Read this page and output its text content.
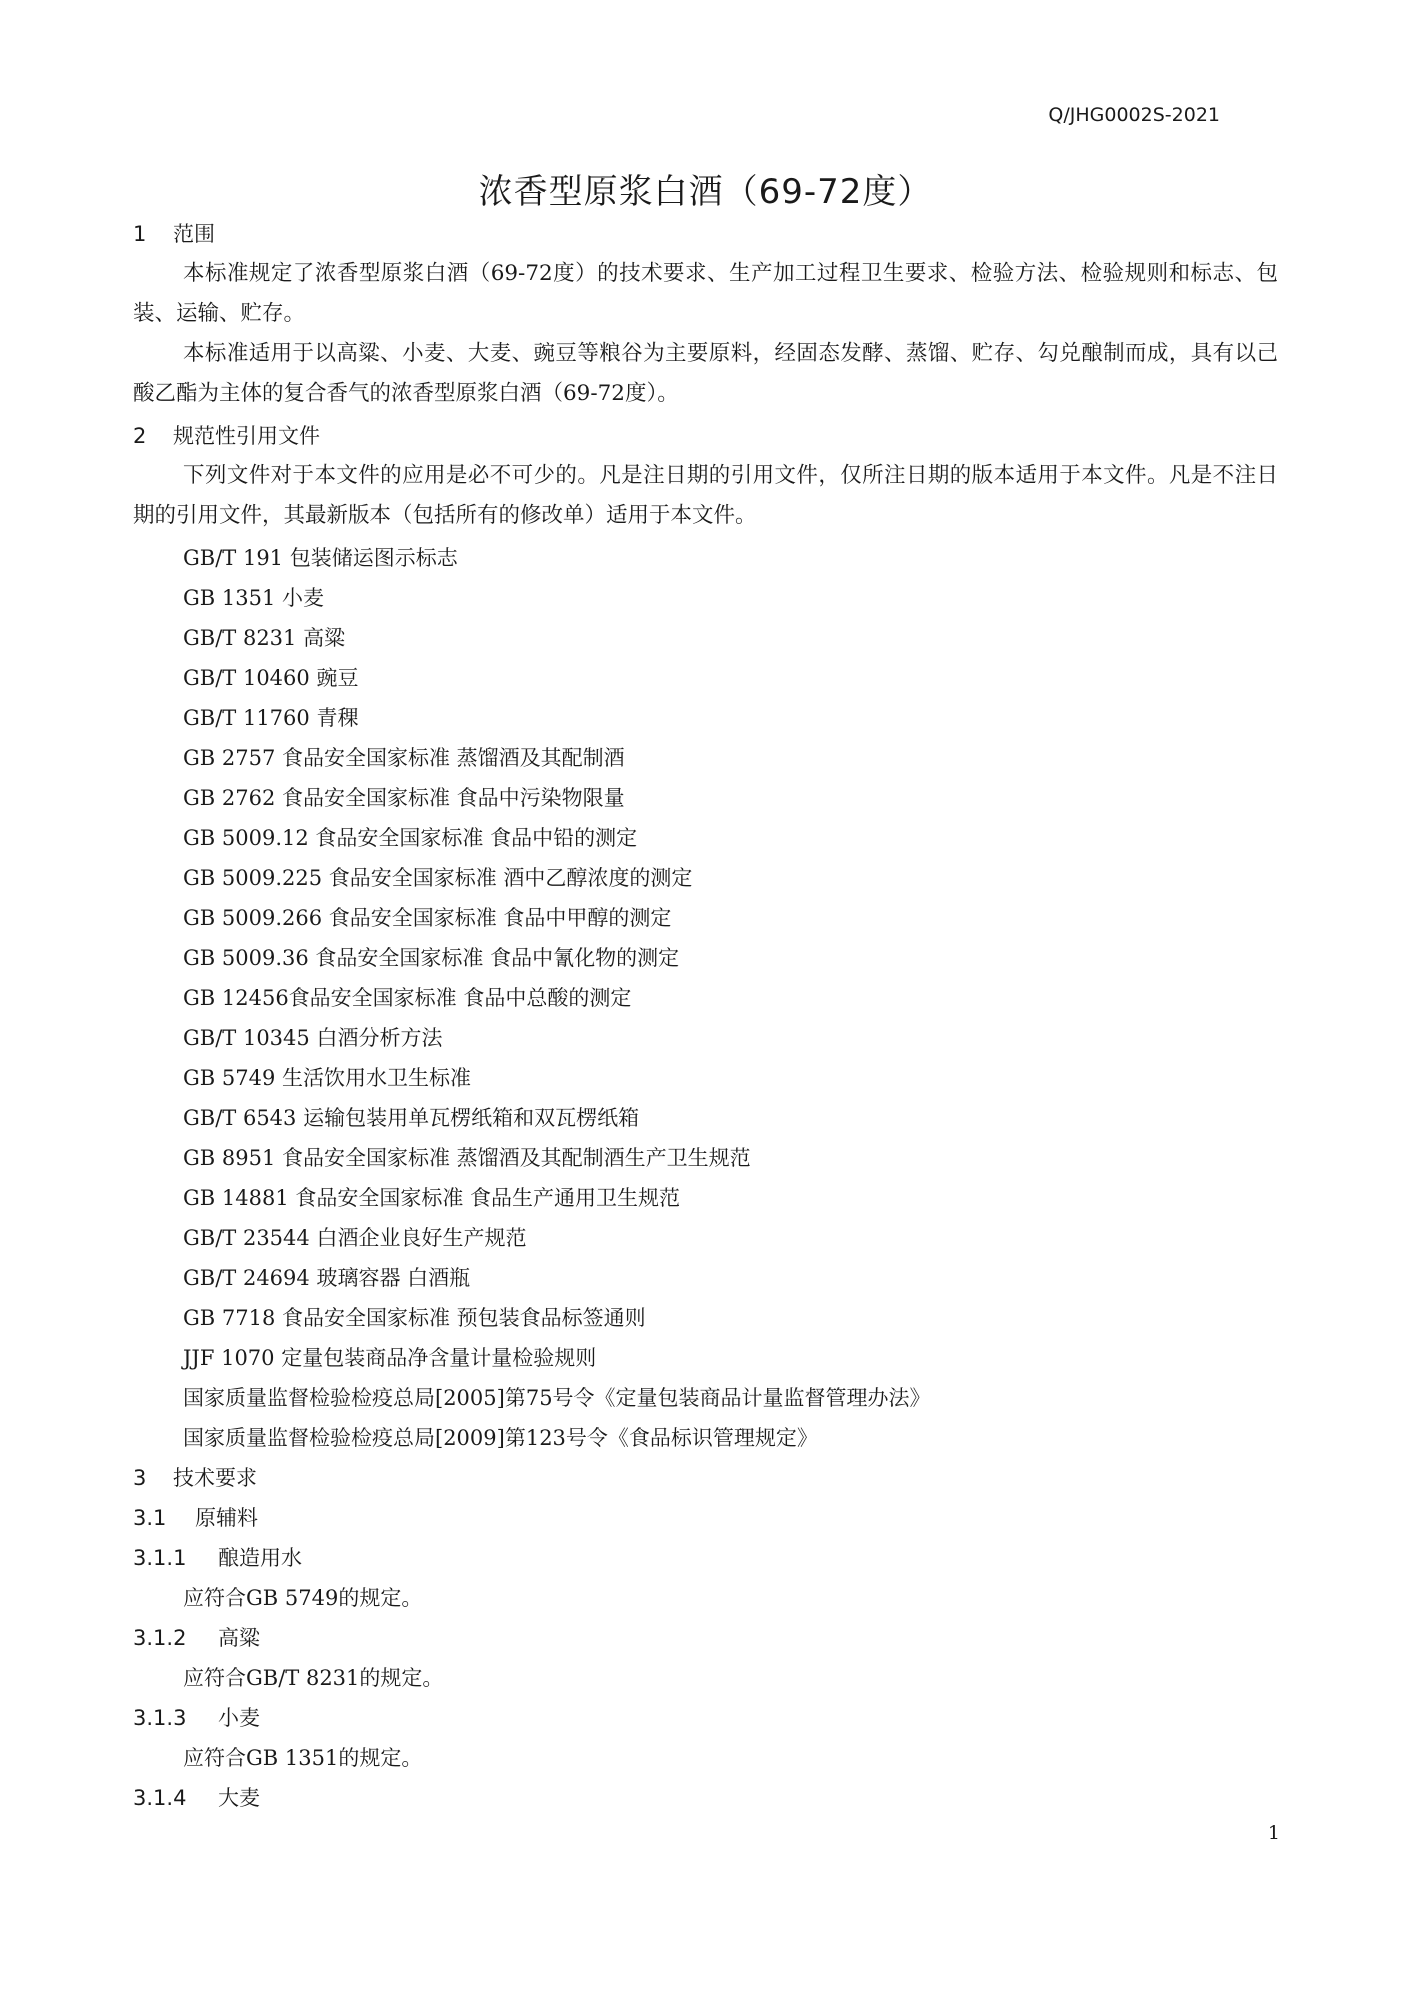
Q/JHG0002S-2021
浓香型原浆白酒（69-72度）
1 范围

本标准规定了浓香型原浆白酒（69-72度）的技术要求、生产加工过程卫生要求、检验方法、检验规则和标志、包装、运输、贮存。

本标准适用于以高粱、小麦、大麦、豌豆等粮谷为主要原料，经固态发酵、蒸馏、贮存、勾兑酿制而成，具有以己酸乙酯为主体的复合香气的浓香型原浆白酒（69-72度）。

2 规范性引用文件

下列文件对于本文件的应用是必不可少的。凡是注日期的引用文件，仅所注日期的版本适用于本文件。凡是不注日期的引用文件，其最新版本（包括所有的修改单）适用于本文件。

GB/T 191 包装储运图示标志
GB 1351 小麦
GB/T 8231 高粱
GB/T 10460 豌豆
GB/T 11760 青稞
GB 2757 食品安全国家标准 蒸馏酒及其配制酒
GB 2762 食品安全国家标准 食品中污染物限量
GB 5009.12 食品安全国家标准 食品中铅的测定
GB 5009.225 食品安全国家标准 酒中乙醇浓度的测定
GB 5009.266 食品安全国家标准 食品中甲醇的测定
GB 5009.36 食品安全国家标准 食品中氰化物的测定
GB 12456食品安全国家标准 食品中总酸的测定
GB/T 10345 白酒分析方法
GB 5749 生活饮用水卫生标准
GB/T 6543 运输包装用单瓦楞纸箱和双瓦楞纸箱
GB 8951 食品安全国家标准 蒸馏酒及其配制酒生产卫生规范
GB 14881 食品安全国家标准 食品生产通用卫生规范
GB/T 23544 白酒企业良好生产规范
GB/T 24694 玻璃容器 白酒瓶
GB 7718 食品安全国家标准 预包装食品标签通则
JJF 1070 定量包装商品净含量计量检验规则
国家质量监督检验检疫总局[2005]第75号令《定量包装商品计量监督管理办法》
国家质量监督检验检疫总局[2009]第123号令《食品标识管理规定》
3 技术要求
3.1 原辅料
3.1.1 酿造用水
应符合GB 5749的规定。
3.1.2 高粱
应符合GB/T 8231的规定。
3.1.3 小麦
应符合GB 1351的规定。
3.1.4 大麦
1
